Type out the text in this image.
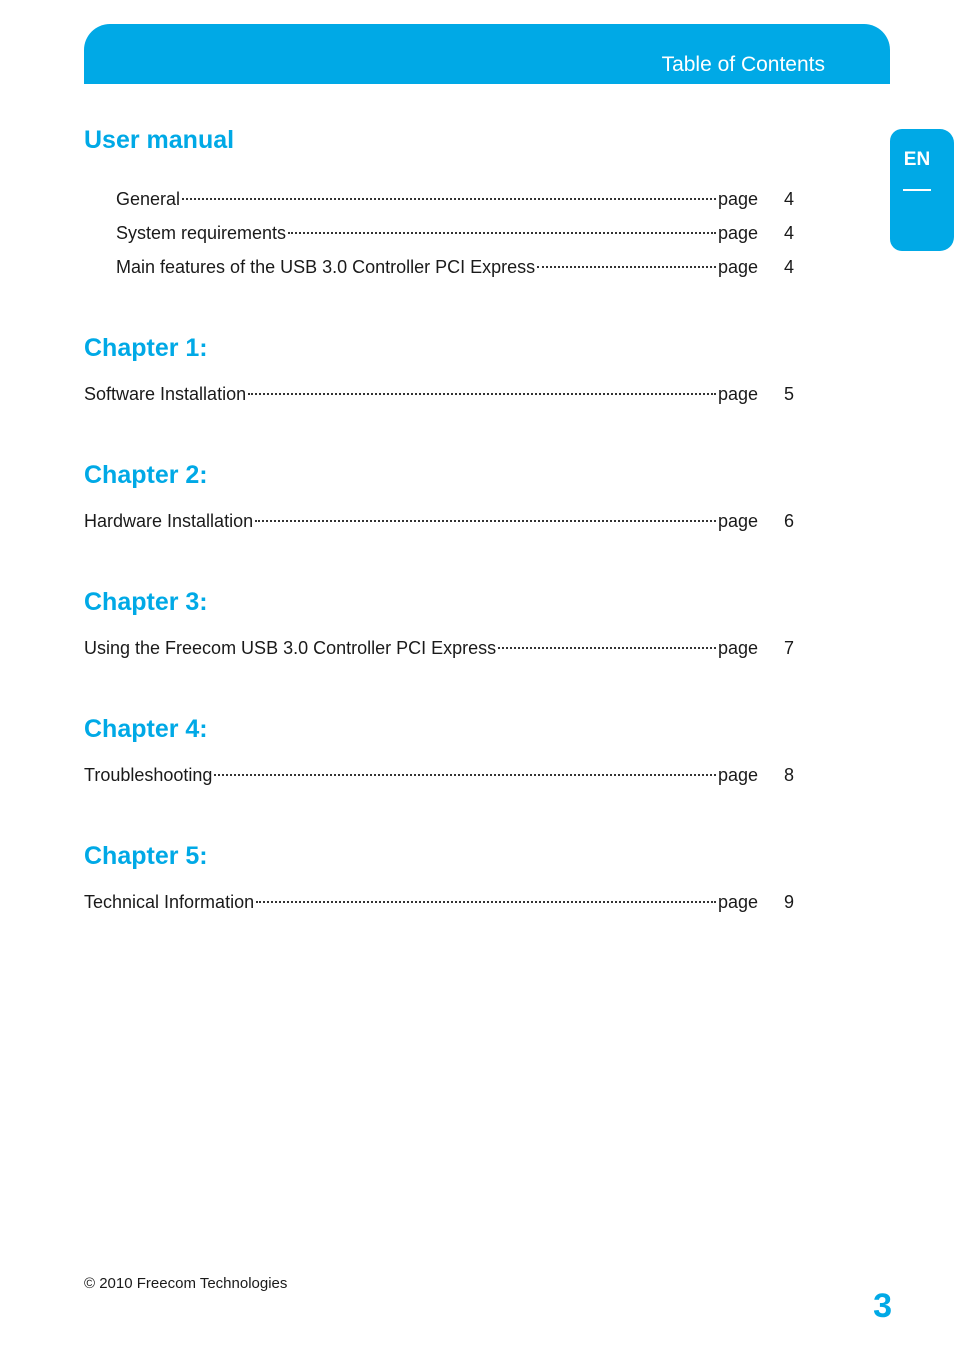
Table of Contents
EN
User manual
General	page	4
System requirements	page	4
Main features of the USB 3.0 Controller PCI Express	page	4
Chapter 1:
Software Installation	page	5
Chapter 2:
Hardware Installation	page	6
Chapter 3:
Using the Freecom USB 3.0 Controller PCI Express	page	7
Chapter 4:
Troubleshooting	page	8
Chapter 5:
Technical Information	page	9
© 2010 Freecom Technologies
3
